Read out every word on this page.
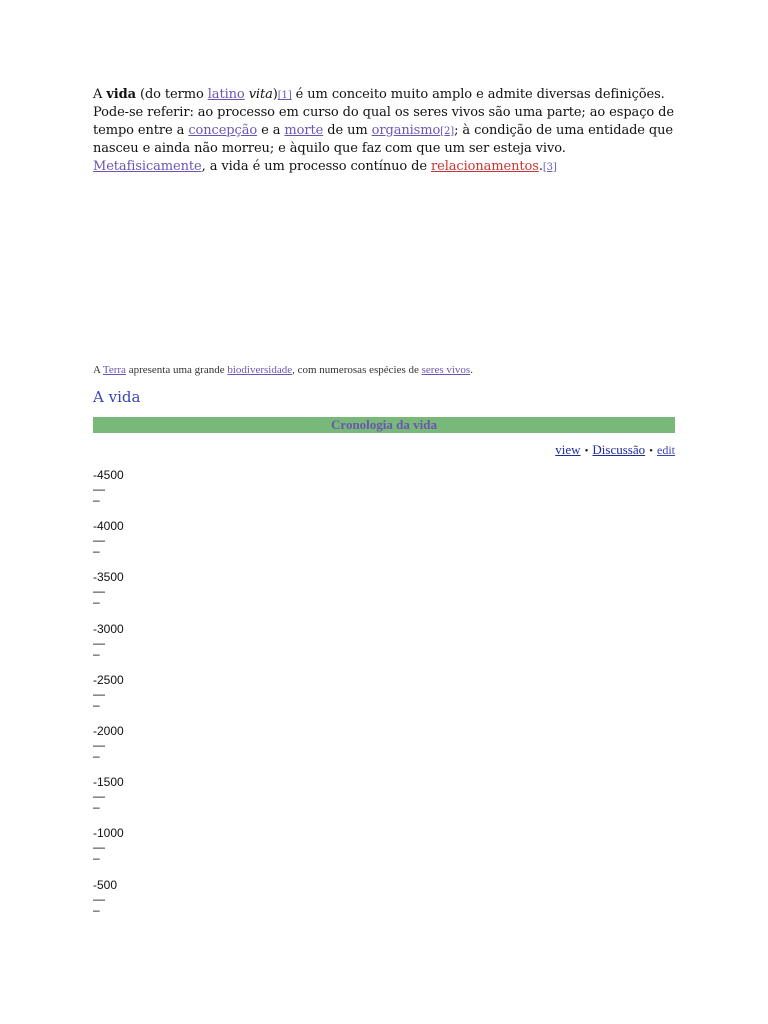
A vida (do termo latino vita)[1] é um conceito muito amplo e admite diversas definições. Pode-se referir: ao processo em curso do qual os seres vivos são uma parte; ao espaço de tempo entre a concepção e a morte de um organismo[2]; à condição de uma entidade que nasceu e ainda não morreu; e àquilo que faz com que um ser esteja vivo. Metafisicamente, a vida é um processo contínuo de relacionamentos.[3]

A Terra apresenta uma grande biodiversidade, com numerosas espécies de seres vivos.

A vida
Cronologia da vida
view • Discussão • edit
-4500 —
–
-4000 —
–
-3500 —
–
-3000 —
–
-2500 —
–
-2000 —
–
-1500 —
–
-1000 —
–
-500 —
–
